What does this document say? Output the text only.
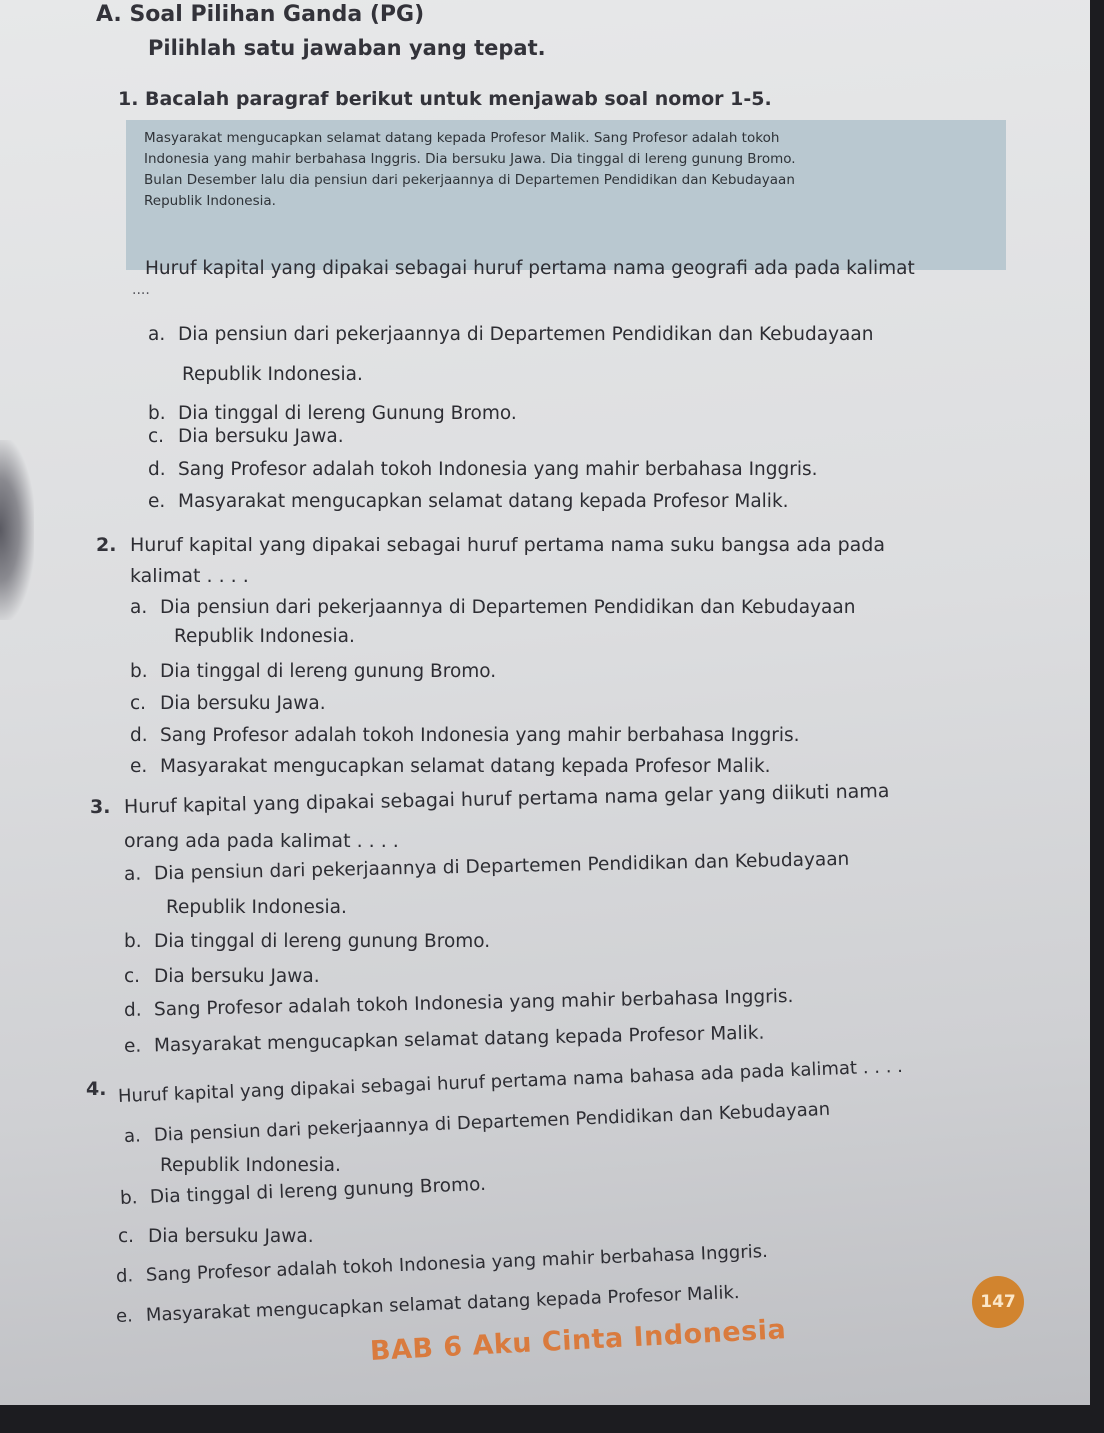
A. Soal Pilihan Ganda (PG)
Pilihlah satu jawaban yang tepat.
1. Bacalah paragraf berikut untuk menjawab soal nomor 1-5.
Masyarakat mengucapkan selamat datang kepada Profesor Malik. Sang Profesor adalah tokoh
Indonesia yang mahir berbahasa Inggris. Dia bersuku Jawa. Dia tinggal di lereng gunung Bromo.
Bulan Desember lalu dia pensiun dari pekerjaannya di Departemen Pendidikan dan Kebudayaan
Republik Indonesia.
Huruf kapital yang dipakai sebagai huruf pertama nama geografi ada pada kalimat
....
a. Dia pensiun dari pekerjaannya di Departemen Pendidikan dan Kebudayaan
Republik Indonesia.
b. Dia tinggal di lereng Gunung Bromo.
c. Dia bersuku Jawa.
d. Sang Profesor adalah tokoh Indonesia yang mahir berbahasa Inggris.
e. Masyarakat mengucapkan selamat datang kepada Profesor Malik.
2. Huruf kapital yang dipakai sebagai huruf pertama nama suku bangsa ada pada
kalimat . . . .
a. Dia pensiun dari pekerjaannya di Departemen Pendidikan dan Kebudayaan
Republik Indonesia.
b. Dia tinggal di lereng gunung Bromo.
c. Dia bersuku Jawa.
d. Sang Profesor adalah tokoh Indonesia yang mahir berbahasa Inggris.
e. Masyarakat mengucapkan selamat datang kepada Profesor Malik.
3. Huruf kapital yang dipakai sebagai huruf pertama nama gelar yang diikuti nama
orang ada pada kalimat . . . .
a. Dia pensiun dari pekerjaannya di Departemen Pendidikan dan Kebudayaan
Republik Indonesia.
b. Dia tinggal di lereng gunung Bromo.
c. Dia bersuku Jawa.
d. Sang Profesor adalah tokoh Indonesia yang mahir berbahasa Inggris.
e. Masyarakat mengucapkan selamat datang kepada Profesor Malik.
4. Huruf kapital yang dipakai sebagai huruf pertama nama bahasa ada pada kalimat . . . .
a. Dia pensiun dari pekerjaannya di Departemen Pendidikan dan Kebudayaan
Republik Indonesia.
b. Dia tinggal di lereng gunung Bromo.
c. Dia bersuku Jawa.
d. Sang Profesor adalah tokoh Indonesia yang mahir berbahasa Inggris.
e. Masyarakat mengucapkan selamat datang kepada Profesor Malik.	147
BAB 6 Aku Cinta Indonesia
